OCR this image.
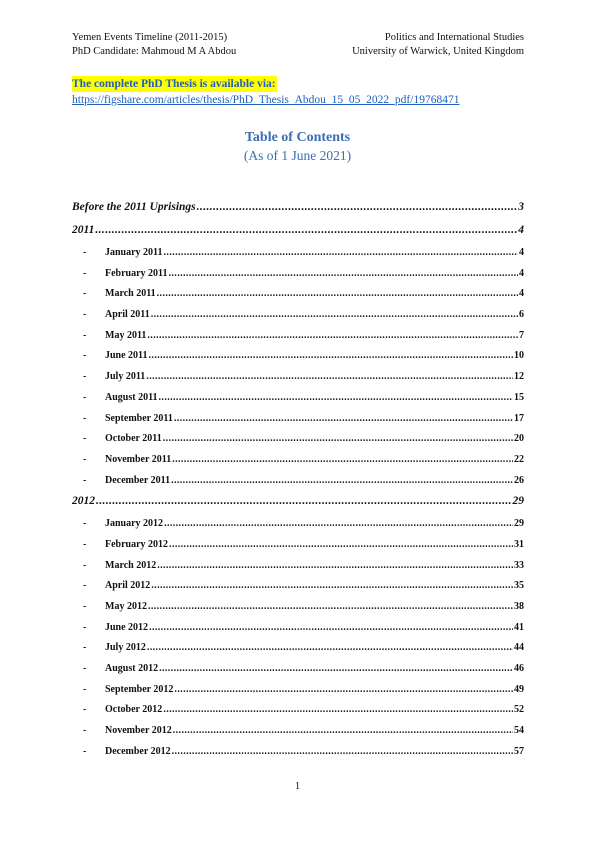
Yemen Events Timeline (2011-2015)	Politics and International Studies
PhD Candidate: Mahmoud M A Abdou	University of Warwick, United Kingdom
The complete PhD Thesis is available via:
https://figshare.com/articles/thesis/PhD_Thesis_Abdou_15_05_2022_pdf/19768471
Table of Contents
(As of 1 June 2021)
Before the 2011 Uprisings .....	3
2011 .....	4
-	January 2011 .....	4
-	February 2011 .....	4
-	March 2011 .....	4
-	April 2011 .....	6
-	May 2011 .....	7
-	June 2011 .....	10
-	July 2011 .....	12
-	August 2011 .....	15
-	September 2011 .....	17
-	October 2011 .....	20
-	November 2011 .....	22
-	December 2011 .....	26
2012 .....	29
-	January 2012 .....	29
-	February 2012 .....	31
-	March 2012 .....	33
-	April 2012 .....	35
-	May 2012 .....	38
-	June 2012 .....	41
-	July 2012 .....	44
-	August 2012 .....	46
-	September 2012 .....	49
-	October 2012 .....	52
-	November 2012 .....	54
-	December 2012 .....	57
1
